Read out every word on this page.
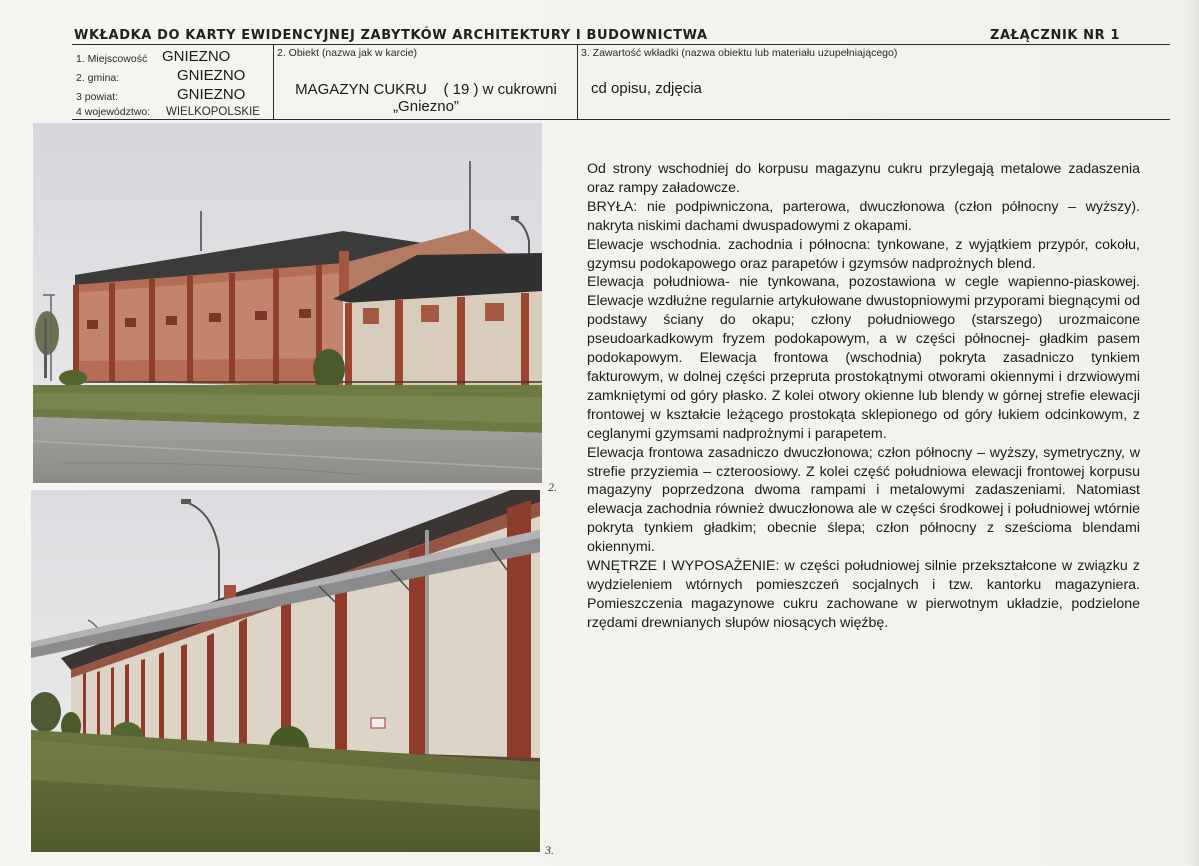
WKŁADKA DO KARTY EWIDENCYJNEJ ZABYTKÓW ARCHITEKTURY I BUDOWNICTWA	ZAŁĄCZNIK NR 1
1. Miejscowość GNIEZNO
2. gmina:	GNIEZNO
3 powiat:	GNIEZNO
4 województwo: WIELKOPOLSKIE
2. Obiekt (nazwa jak w karcie)
MAGAZYN CUKRU    ( 19 ) w cukrowni
„Gniezno”
3. Zawartość wkładki (nazwa obiektu lub materiału uzupełniającego)
cd opisu, zdjęcia
2.
3.

Od strony wschodniej do korpusu magazynu cukru przylegają metalowe zadaszenia oraz rampy załadowcze.

BRYŁA: nie podpiwniczona, parterowa, dwuczłonowa (człon północny – wyższy). nakryta niskimi dachami dwuspadowymi z okapami.

Elewacje wschodnia. zachodnia i północna: tynkowane, z wyjątkiem przypór, cokołu, gzymsu podokapowego oraz parapetów i gzymsów nadprożnych blend.

Elewacja południowa- nie tynkowana, pozostawiona w cegle wapienno-piaskowej. Elewacje wzdłużne regularnie artykułowane dwustopniowymi przyporami biegnącymi od podstawy ściany do okapu; człony południowego (starszego) urozmaicone pseudoarkadkowym fryzem podokapowym, a w części północnej- gładkim pasem podokapowym. Elewacja frontowa (wschodnia) pokryta zasadniczo tynkiem fakturowym, w dolnej części przepruta prostokątnymi otworami okiennymi i drzwiowymi zamkniętymi od góry płasko. Z kolei otwory okienne lub blendy w górnej strefie elewacji frontowej w kształcie leżącego prostokąta sklepionego od góry łukiem odcinkowym, z ceglanymi gzymsami nadprożnymi i parapetem.

Elewacja frontowa zasadniczo dwuczłonowa; człon północny – wyższy, symetryczny, w strefie przyziemia – czteroosiowy. Z kolei część południowa elewacji frontowej korpusu magazyny poprzedzona dwoma rampami i metalowymi zadaszeniami. Natomiast elewacja zachodnia również dwuczłonowa ale w części środkowej i południowej wtórnie pokryta tynkiem gładkim; obecnie ślepa; człon północny z sześcioma blendami okiennymi.

WNĘTRZE I WYPOSAŻENIE: w części południowej silnie przekształcone w związku z wydzieleniem wtórnych pomieszczeń socjalnych i tzw. kantorku magazyniera. Pomieszczenia magazynowe cukru zachowane w pierwotnym układzie, podzielone rzędami drewnianych słupów niosących więźbę.
